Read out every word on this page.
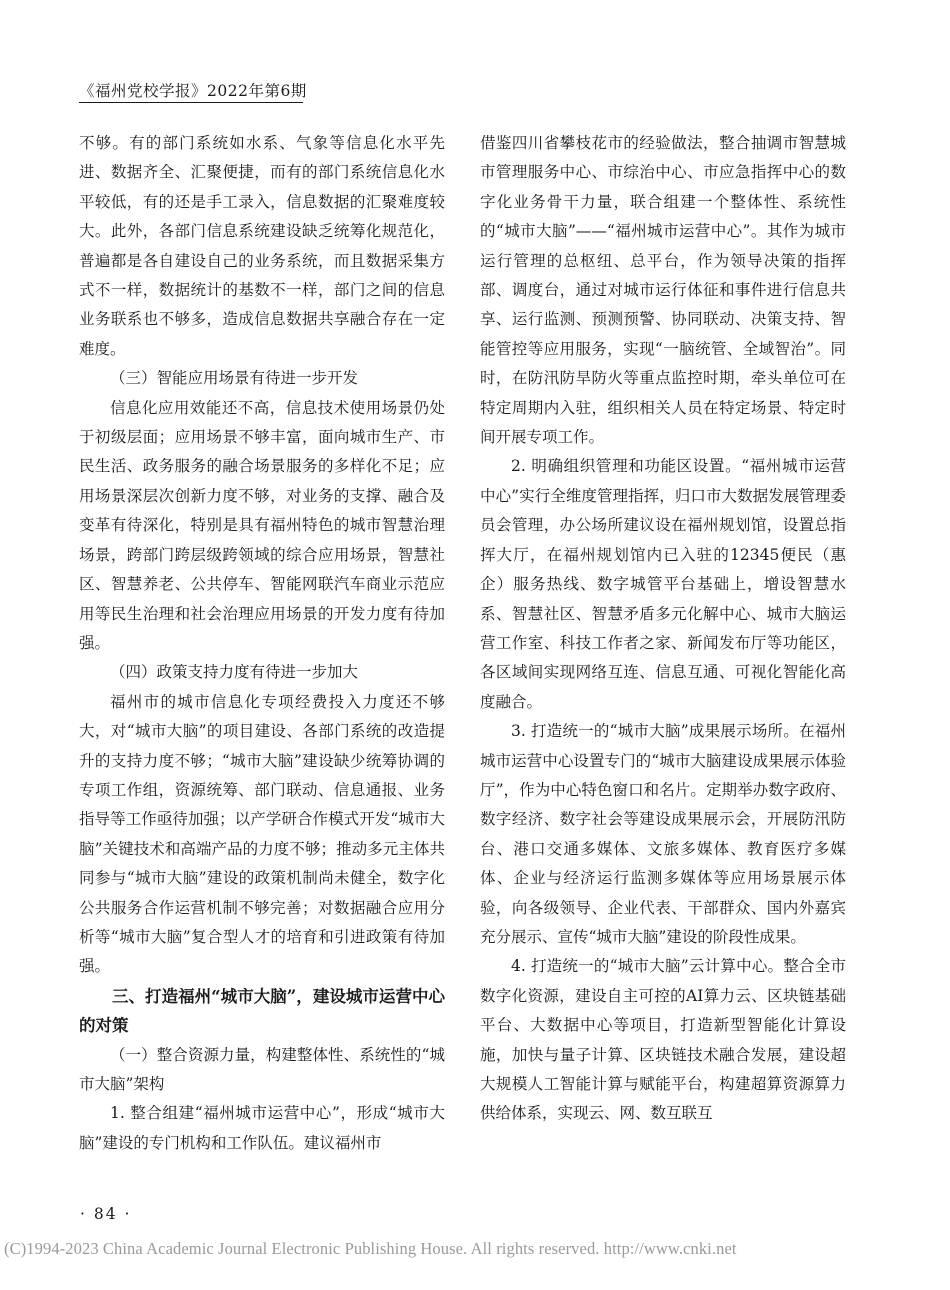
《福州党校学报》2022年第6期

不够。有的部门系统如水系、气象等信息化水平先进、数据齐全、汇聚便捷，而有的部门系统信息化水平较低，有的还是手工录入，信息数据的汇聚难度较大。此外，各部门信息系统建设缺乏统筹化规范化，普遍都是各自建设自己的业务系统，而且数据采集方式不一样，数据统计的基数不一样，部门之间的信息业务联系也不够多，造成信息数据共享融合存在一定难度。

（三）智能应用场景有待进一步开发

信息化应用效能还不高，信息技术使用场景仍处于初级层面；应用场景不够丰富，面向城市生产、市民生活、政务服务的融合场景服务的多样化不足；应用场景深层次创新力度不够，对业务的支撑、融合及变革有待深化，特别是具有福州特色的城市智慧治理场景，跨部门跨层级跨领域的综合应用场景，智慧社区、智慧养老、公共停车、智能网联汽车商业示范应用等民生治理和社会治理应用场景的开发力度有待加强。

（四）政策支持力度有待进一步加大

福州市的城市信息化专项经费投入力度还不够大，对“城市大脑”的项目建设、各部门系统的改造提升的支持力度不够；“城市大脑”建设缺少统筹协调的专项工作组，资源统筹、部门联动、信息通报、业务指导等工作亟待加强；以产学研合作模式开发“城市大脑”关键技术和高端产品的力度不够；推动多元主体共同参与“城市大脑”建设的政策机制尚未健全，数字化公共服务合作运营机制不够完善；对数据融合应用分析等“城市大脑”复合型人才的培育和引进政策有待加强。

三、打造福州“城市大脑”，建设城市运营中心的对策

（一）整合资源力量，构建整体性、系统性的“城市大脑”架构

1. 整合组建“福州城市运营中心”，形成“城市大脑”建设的专门机构和工作队伍。建议福州市

借鉴四川省攀枝花市的经验做法，整合抽调市智慧城市管理服务中心、市综治中心、市应急指挥中心的数字化业务骨干力量，联合组建一个整体性、系统性的“城市大脑”——“福州城市运营中心”。其作为城市运行管理的总枢纽、总平台，作为领导决策的指挥部、调度台，通过对城市运行体征和事件进行信息共享、运行监测、预测预警、协同联动、决策支持、智能管控等应用服务，实现“一脑统管、全域智治”。同时，在防汛防旱防火等重点监控时期，牵头单位可在特定周期内入驻，组织相关人员在特定场景、特定时间开展专项工作。

2. 明确组织管理和功能区设置。“福州城市运营中心”实行全维度管理指挥，归口市大数据发展管理委员会管理，办公场所建议设在福州规划馆，设置总指挥大厅，在福州规划馆内已入驻的12345便民（惠企）服务热线、数字城管平台基础上，增设智慧水系、智慧社区、智慧矛盾多元化解中心、城市大脑运营工作室、科技工作者之家、新闻发布厅等功能区，各区域间实现网络互连、信息互通、可视化智能化高度融合。

3. 打造统一的“城市大脑”成果展示场所。在福州城市运营中心设置专门的“城市大脑建设成果展示体验厅”，作为中心特色窗口和名片。定期举办数字政府、数字经济、数字社会等建设成果展示会，开展防汛防台、港口交通多媒体、文旅多媒体、教育医疗多媒体、企业与经济运行监测多媒体等应用场景展示体验，向各级领导、企业代表、干部群众、国内外嘉宾充分展示、宣传“城市大脑”建设的阶段性成果。

4. 打造统一的“城市大脑”云计算中心。整合全市数字化资源，建设自主可控的AI算力云、区块链基础平台、大数据中心等项目，打造新型智能化计算设施，加快与量子计算、区块链技术融合发展，建设超大规模人工智能计算与赋能平台，构建超算资源算力供给体系，实现云、网、数互联互

· 84 ·
(C)1994-2023 China Academic Journal Electronic Publishing House. All rights reserved. http://www.cnki.net
